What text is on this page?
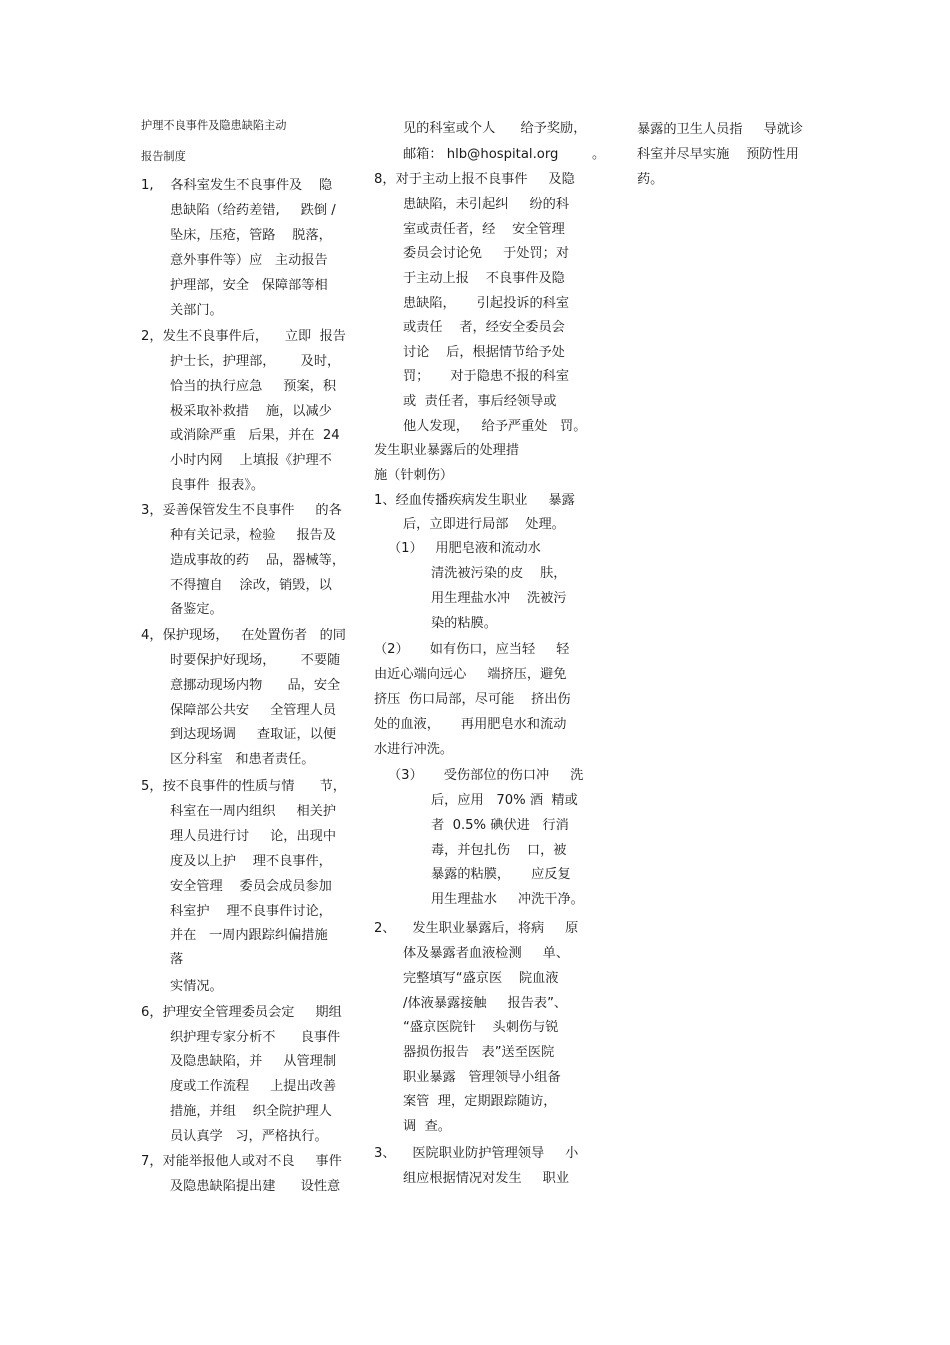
护理不良事件及隐患缺陷主动
报告制度
1,    各科室发生不良事件及    隐
患缺陷（给药差错,     跌倒 /
坠床，压疮，管路    脱落，
意外事件等）应   主动报告
护理部，安全   保障部等相
关部门。
2，发生不良事件后，    立即  报告
护士长，护理部，      及时，
恰当的执行应急     预案，积
极采取补救措    施，以减少
或消除严重   后果，并在  24
小时内网    上填报《护理不
良事件  报表》。
3，妥善保管发生不良事件     的各
种有关记录，检验     报告及
造成事故的药    品，器械等，
不得擅自    涂改，销毁，以
备鉴定。
4，保护现场，   在处置伤者   的同
时要保护好现场，      不要随
意挪动现场内物      品，安全
保障部公共安     全管理人员
到达现场调     查取证，以便
区分科室   和患者责任。
5，按不良事件的性质与情      节，
科室在一周内组织     相关护
理人员进行讨     论，出现中
度及以上护    理不良事件，
安全管理    委员会成员参加
科室护    理不良事件讨论，
并在   一周内跟踪纠偏措施
落
实情况。
6，护理安全管理委员会定     期组
织护理专家分析不      良事件
及隐患缺陷，并     从管理制
度或工作流程     上提出改善
措施，并组    织全院护理人
员认真学   习，严格执行。
7，对能举报他人或对不良     事件
及隐患缺陷提出建      设性意
见的科室或个人      给予奖励，
邮箱： hlb@hospital.org        。
8，对于主动上报不良事件     及隐
患缺陷，未引起纠     纷的科
室或责任者，经    安全管理
委员会讨论免     于处罚；对
于主动上报    不良事件及隐
患缺陷，     引起投诉的科室
或责任    者，经安全委员会
讨论    后，根据情节给予处
罚；     对于隐患不报的科室
或  责任者，事后经领导或
他人发现，   给予严重处   罚。
发生职业暴露后的处理措
施（针刺伤）
1、经血传播疾病发生职业     暴露
后，立即进行局部    处理。
（1）   用肥皂液和流动水
清洗被污染的皮    肤，
用生理盐水冲    洗被污
染的粘膜。
（2）     如有伤口，应当轻     轻
由近心端向远心     端挤压，避免
挤压  伤口局部，尽可能    挤出伤
处的血液，     再用肥皂水和流动
水进行冲洗。
（3）     受伤部位的伤口冲     洗
后，应用   70% 酒  精或
者  0.5% 碘伏进   行消
毒，并包扎伤    口，被
暴露的粘膜，     应反复
用生理盐水     冲洗干净。
2、    发生职业暴露后，将病     原
体及暴露者血液检测     单、
完整填写“盛京医    院血液
/体液暴露接触     报告表”、
“盛京医院针    头刺伤与锐
器损伤报告   表”送至医院
职业暴露   管理领导小组备
案管  理，定期跟踪随访，
调  查。
3、    医院职业防护管理领导     小
组应根据情况对发生     职业
暴露的卫生人员指     导就诊
科室并尽早实施    预防性用
药。
